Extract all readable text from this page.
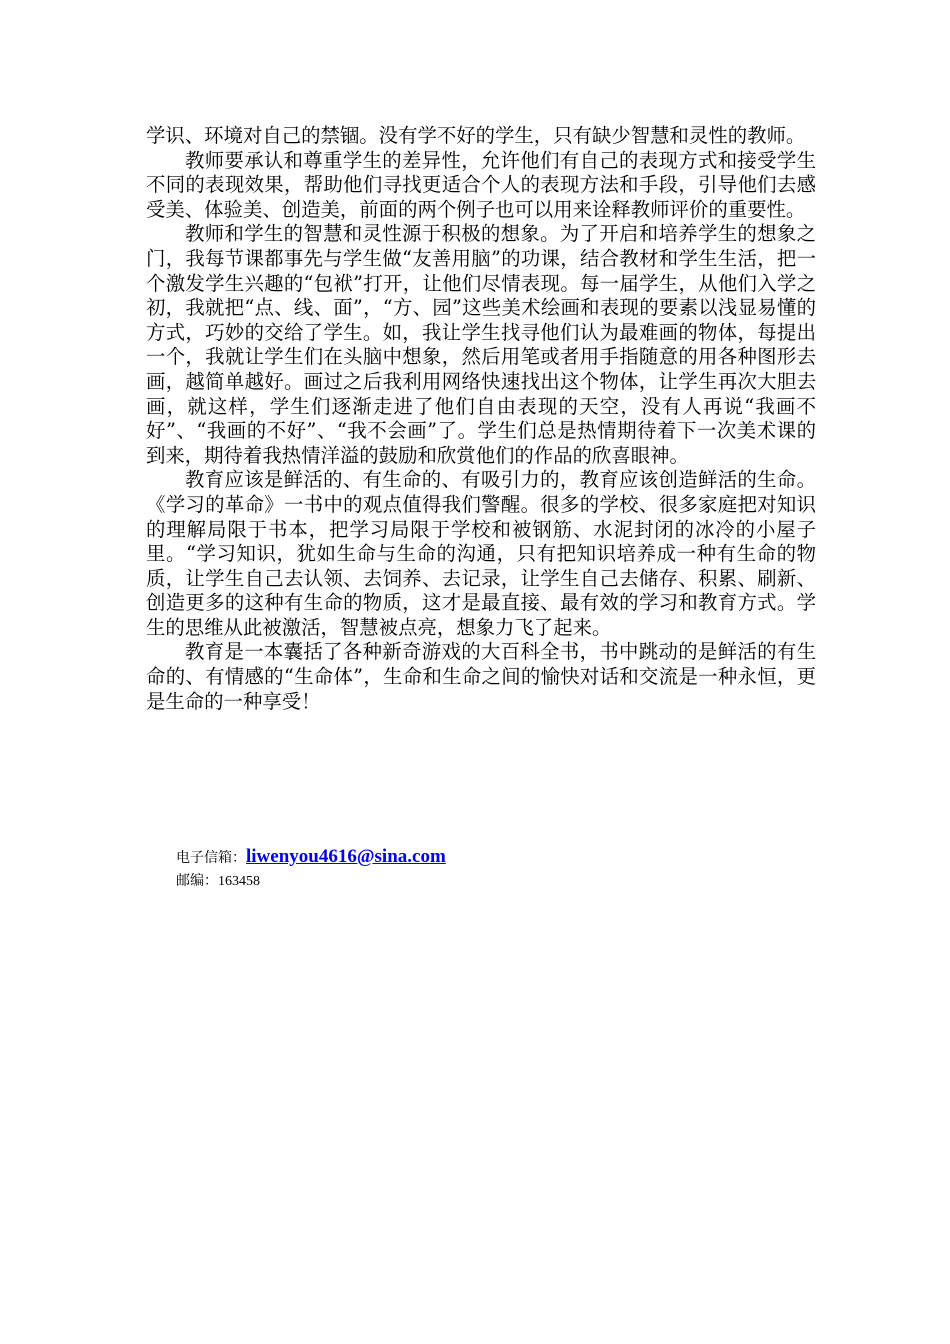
学识、环境对自己的禁锢。没有学不好的学生，只有缺少智慧和灵性的教师。

教师要承认和尊重学生的差异性，允许他们有自己的表现方式和接受学生不同的表现效果，帮助他们寻找更适合个人的表现方法和手段，引导他们去感受美、体验美、创造美，前面的两个例子也可以用来诠释教师评价的重要性。

教师和学生的智慧和灵性源于积极的想象。为了开启和培养学生的想象之门，我每节课都事先与学生做“友善用脑”的功课，结合教材和学生生活，把一个激发学生兴趣的“包袱”打开，让他们尽情表现。每一届学生，从他们入学之初，我就把“点、线、面”，“方、园”这些美术绘画和表现的要素以浅显易懂的方式，巧妙的交给了学生。如，我让学生找寻他们认为最难画的物体，每提出一个，我就让学生们在头脑中想象，然后用笔或者用手指随意的用各种图形去画，越简单越好。画过之后我利用网络快速找出这个物体，让学生再次大胆去画，就这样，学生们逐渐走进了他们自由表现的天空，没有人再说“我画不好”、“我画的不好”、“我不会画”了。学生们总是热情期待着下一次美术课的到来，期待着我热情洋溢的鼓励和欣赏他们的作品的欣喜眼神。

教育应该是鲜活的、有生命的、有吸引力的，教育应该创造鲜活的生命。《学习的革命》一书中的观点值得我们警醒。很多的学校、很多家庭把对知识的理解局限于书本，把学习局限于学校和被钢筋、水泥封闭的冰冷的小屋子里。“学习知识，犹如生命与生命的沟通，只有把知识培养成一种有生命的物质，让学生自己去认领、去饲养、去记录，让学生自己去储存、积累、刷新、创造更多的这种有生命的物质，这才是最直接、最有效的学习和教育方式。学生的思维从此被激活，智慧被点亮，想象力飞了起来。

教育是一本囊括了各种新奇游戏的大百科全书，书中跳动的是鲜活的有生命的、有情感的“生命体”，生命和生命之间的愉快对话和交流是一种永恒，更是生命的一种享受！

电子信箱： liwenyou4616@sina.com
邮编： 163458
